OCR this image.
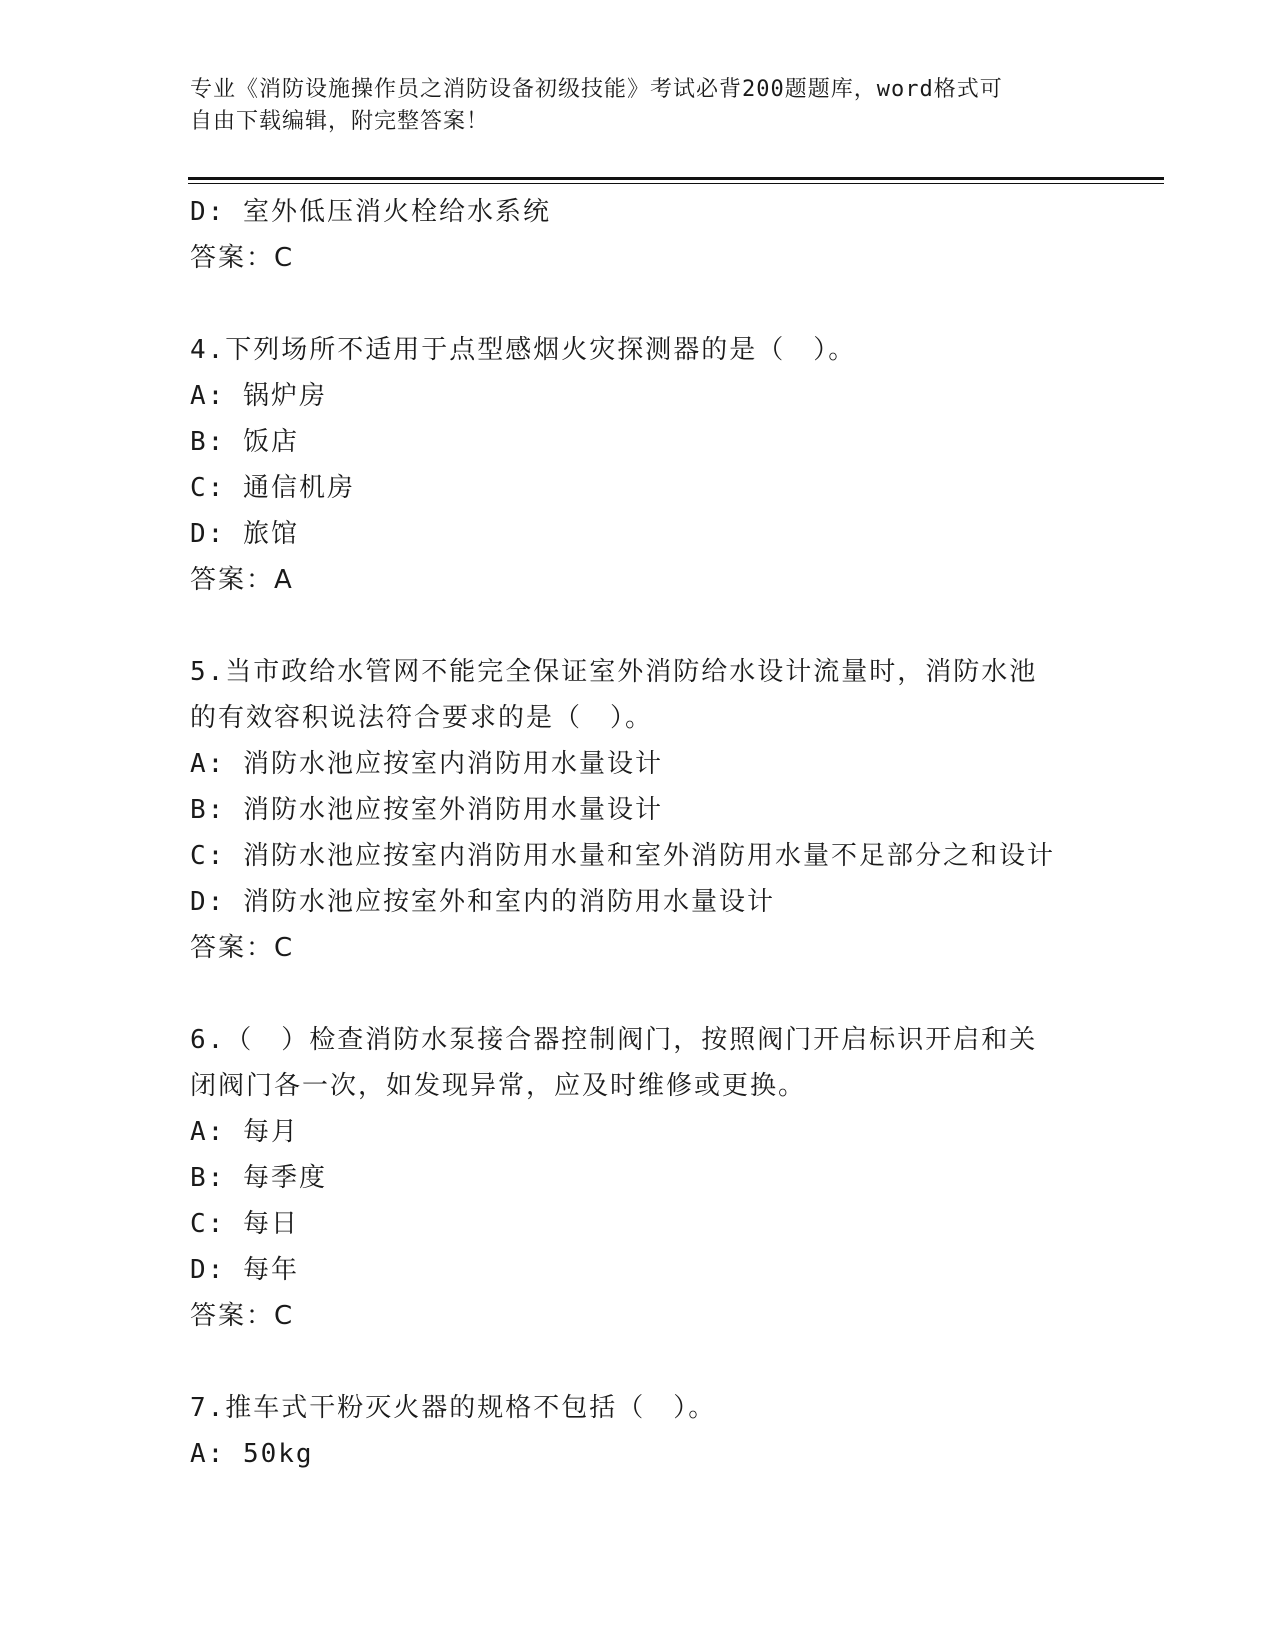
专业《消防设施操作员之消防设备初级技能》考试必背200题题库，word格式可
自由下载编辑，附完整答案！
D: 室外低压消火栓给水系统
答案：C
4.下列场所不适用于点型感烟火灾探测器的是（　）。
A: 锅炉房
B: 饭店
C: 通信机房
D: 旅馆
答案：A
5.当市政给水管网不能完全保证室外消防给水设计流量时，消防水池
的有效容积说法符合要求的是（　）。
A: 消防水池应按室内消防用水量设计
B: 消防水池应按室外消防用水量设计
C: 消防水池应按室内消防用水量和室外消防用水量不足部分之和设计
D: 消防水池应按室外和室内的消防用水量设计
答案：C
6.（　）检查消防水泵接合器控制阀门，按照阀门开启标识开启和关
闭阀门各一次，如发现异常，应及时维修或更换。
A: 每月
B: 每季度
C: 每日
D: 每年
答案：C
7.推车式干粉灭火器的规格不包括（　）。
A: 50kg
